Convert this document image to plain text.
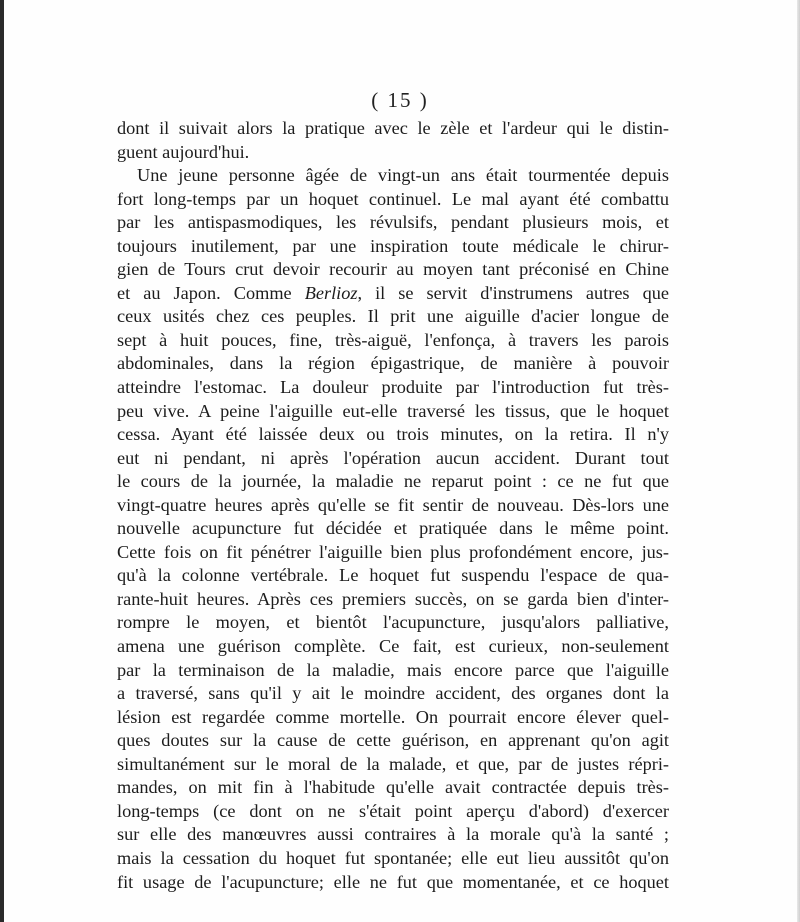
( 15 )

dont il suivait alors la pratique avec le zèle et l'ardeur qui le distin-

guent aujourd'hui.

Une jeune personne âgée de vingt-un ans était tourmentée depuis

fort long-temps par un hoquet continuel. Le mal ayant été combattu

par les antispasmodiques, les révulsifs, pendant plusieurs mois, et

toujours inutilement, par une inspiration toute médicale le chirur-

gien de Tours crut devoir recourir au moyen tant préconisé en Chine

et au Japon. Comme Berlioz, il se servit d'instrumens autres que

ceux usités chez ces peuples. Il prit une aiguille d'acier longue de

sept à huit pouces, fine, très-aiguë, l'enfonça, à travers les parois

abdominales, dans la région épigastrique, de manière à pouvoir

atteindre l'estomac. La douleur produite par l'introduction fut très-

peu vive. A peine l'aiguille eut-elle traversé les tissus, que le hoquet

cessa. Ayant été laissée deux ou trois minutes, on la retira. Il n'y

eut ni pendant, ni après l'opération aucun accident. Durant tout

le cours de la journée, la maladie ne reparut point : ce ne fut que

vingt-quatre heures après qu'elle se fit sentir de nouveau. Dès-lors une

nouvelle acupuncture fut décidée et pratiquée dans le même point.

Cette fois on fit pénétrer l'aiguille bien plus profondément encore, jus-

qu'à la colonne vertébrale. Le hoquet fut suspendu l'espace de qua-

rante-huit heures. Après ces premiers succès, on se garda bien d'inter-

rompre le moyen, et bientôt l'acupuncture, jusqu'alors palliative,

amena une guérison complète. Ce fait, est curieux, non-seulement

par la terminaison de la maladie, mais encore parce que l'aiguille

a traversé, sans qu'il y ait le moindre accident, des organes dont la

lésion est regardée comme mortelle. On pourrait encore élever quel-

ques doutes sur la cause de cette guérison, en apprenant qu'on agit

simultanément sur le moral de la malade, et que, par de justes répri-

mandes, on mit fin à l'habitude qu'elle avait contractée depuis très-

long-temps (ce dont on ne s'était point aperçu d'abord) d'exercer

sur elle des manœuvres aussi contraires à la morale qu'à la santé ;

mais la cessation du hoquet fut spontanée; elle eut lieu aussitôt qu'on

fit usage de l'acupuncture; elle ne fut que momentanée, et ce hoquet
